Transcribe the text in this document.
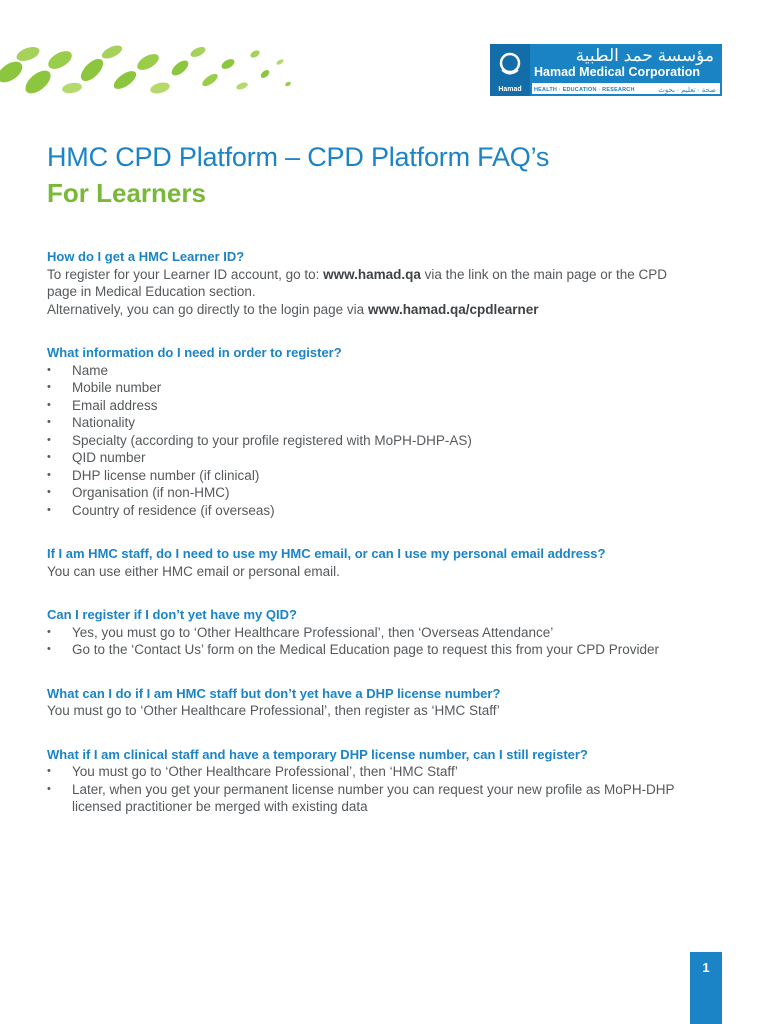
Hamad
مؤسسة حمد الطبية
Hamad Medical Corporation
HEALTH · EDUCATION · RESEARCH	صحة · تعليم · بحوث
HMC CPD Platform – CPD Platform FAQ’s
For Learners
How do I get a HMC Learner ID?
To register for your Learner ID account, go to: www.hamad.qa via the link on the main page or the CPD
page in Medical Education section.
Alternatively, you can go directly to the login page via www.hamad.qa/cpdlearner
What information do I need in order to register?
• Name
• Mobile number
• Email address
• Nationality
• Specialty (according to your profile registered with MoPH-DHP-AS)
• QID number
• DHP license number (if clinical)
• Organisation (if non-HMC)
• Country of residence (if overseas)
If I am HMC staff, do I need to use my HMC email, or can I use my personal email address?
You can use either HMC email or personal email.
Can I register if I don’t yet have my QID?
• Yes, you must go to ‘Other Healthcare Professional’, then ‘Overseas Attendance’
• Go to the ‘Contact Us’ form on the Medical Education page to request this from your CPD Provider
What can I do if I am HMC staff but don’t yet have a DHP license number?
You must go to ‘Other Healthcare Professional’, then register as ‘HMC Staff’
What if I am clinical staff and have a temporary DHP license number, can I still register?
• You must go to ‘Other Healthcare Professional’, then ‘HMC Staff’
• Later, when you get your permanent license number you can request your new profile as MoPH-DHP
licensed practitioner be merged with existing data
1
